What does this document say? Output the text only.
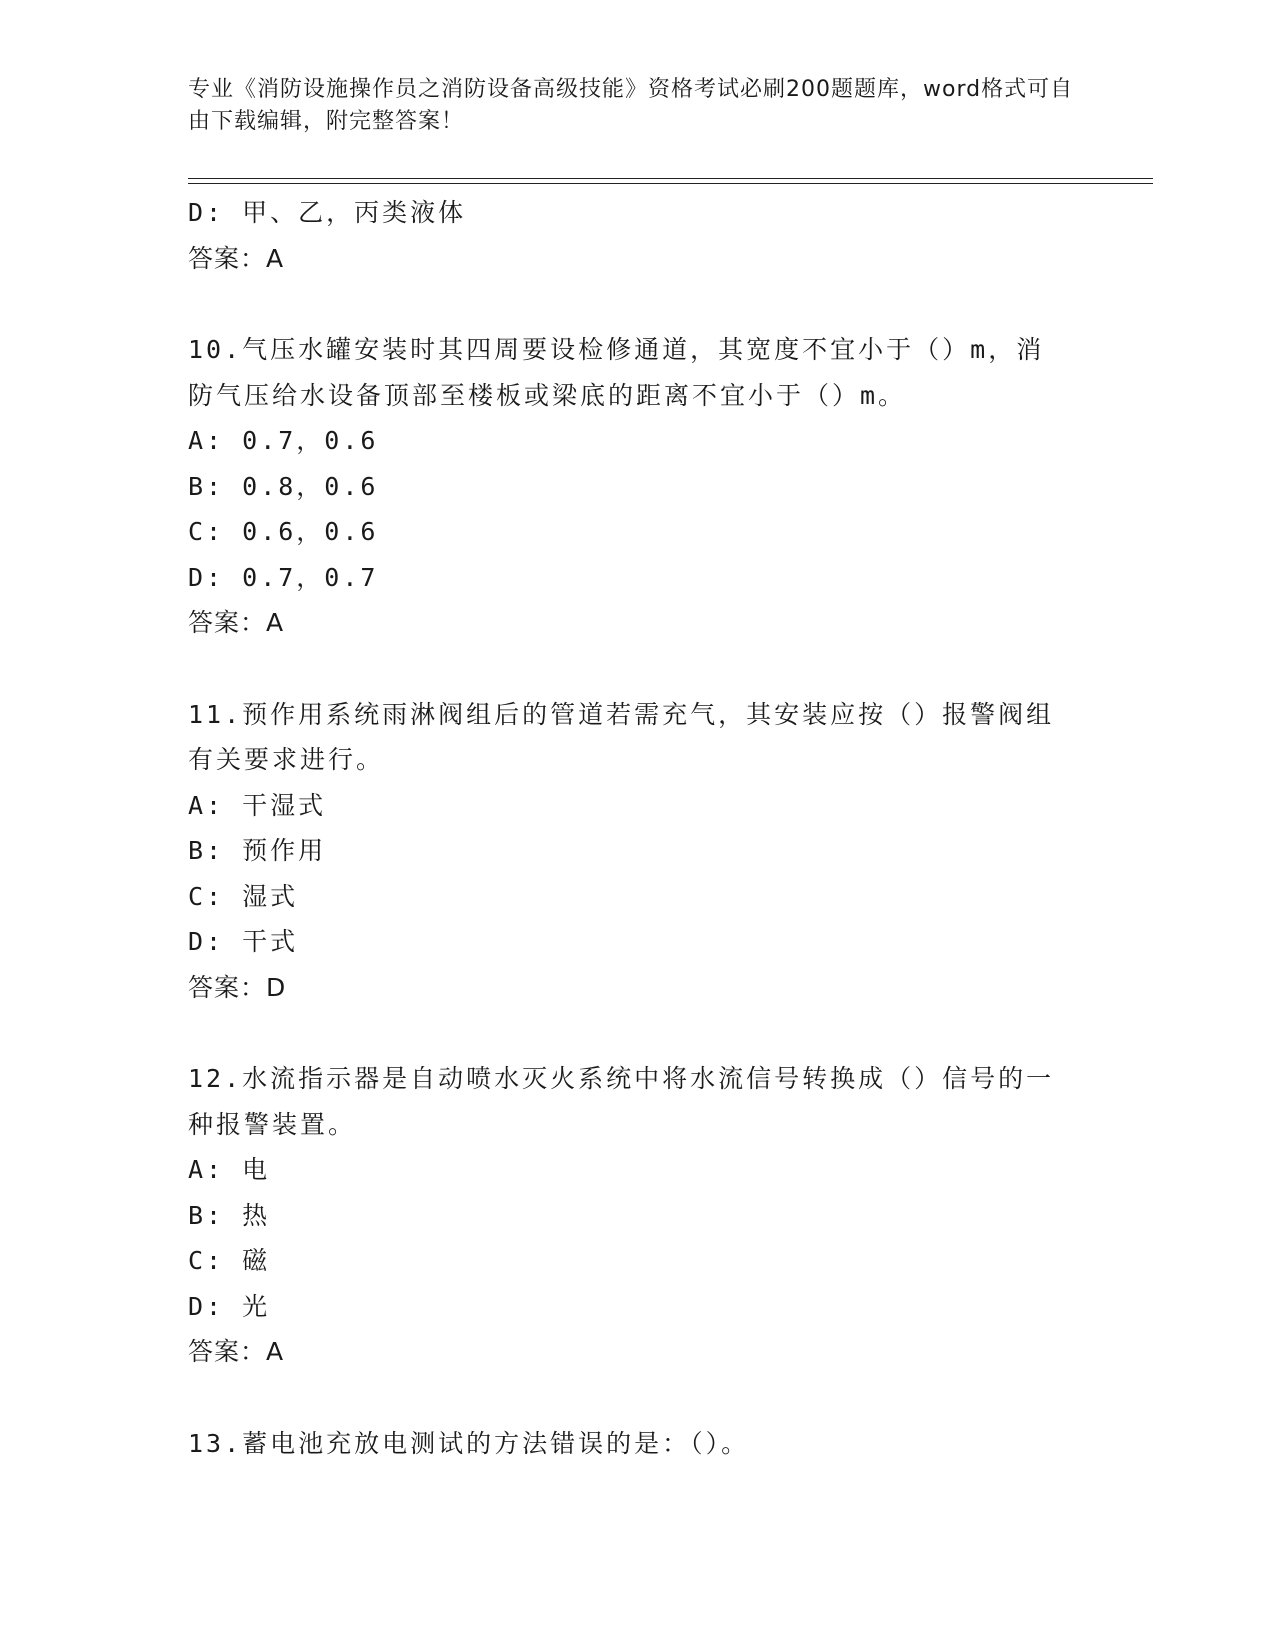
专业《消防设施操作员之消防设备高级技能》资格考试必刷200题题库，word格式可自由下载编辑，附完整答案！
D: 甲、乙，丙类液体
答案：A
10.气压水罐安装时其四周要设检修通道，其宽度不宜小于（）m，消
防气压给水设备顶部至楼板或梁底的距离不宜小于（）m。
A: 0.7，0.6
B: 0.8，0.6
C: 0.6，0.6
D: 0.7，0.7
答案：A
11.预作用系统雨淋阀组后的管道若需充气，其安装应按（）报警阀组
有关要求进行。
A: 干湿式
B: 预作用
C: 湿式
D: 干式
答案：D
12.水流指示器是自动喷水灭火系统中将水流信号转换成（）信号的一
种报警装置。
A: 电
B: 热
C: 磁
D: 光
答案：A
13.蓄电池充放电测试的方法错误的是：（）。
